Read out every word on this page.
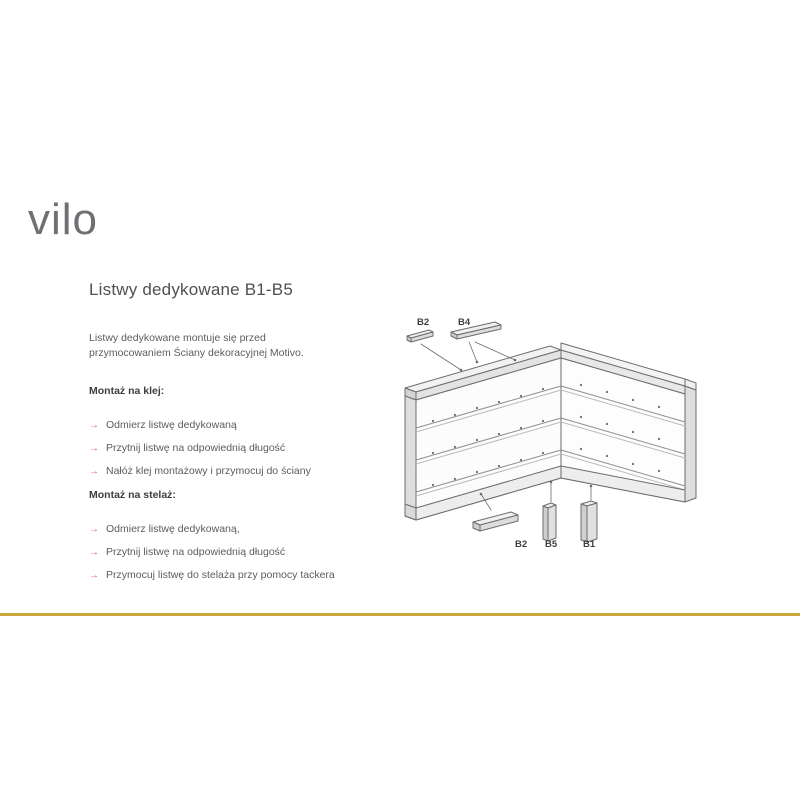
vilo
Listwy dedykowane B1-B5
Listwy dedykowane montuje się przed przymocowaniem Ściany dekoracyjnej Motivo.
Montaż na klej:
→ Odmierz listwę dedykowaną
→ Przytnij listwę na odpowiednią długość
→ Nałóż klej montażowy i przymocuj do ściany
Montaż na stelaż:
→ Odmierz listwę dedykowaną,
→ Przytnij listwę na odpowiednią długość
→ Przymocuj listwę do stelaża przy pomocy tackera
B2	B4
B2 B5	B1
